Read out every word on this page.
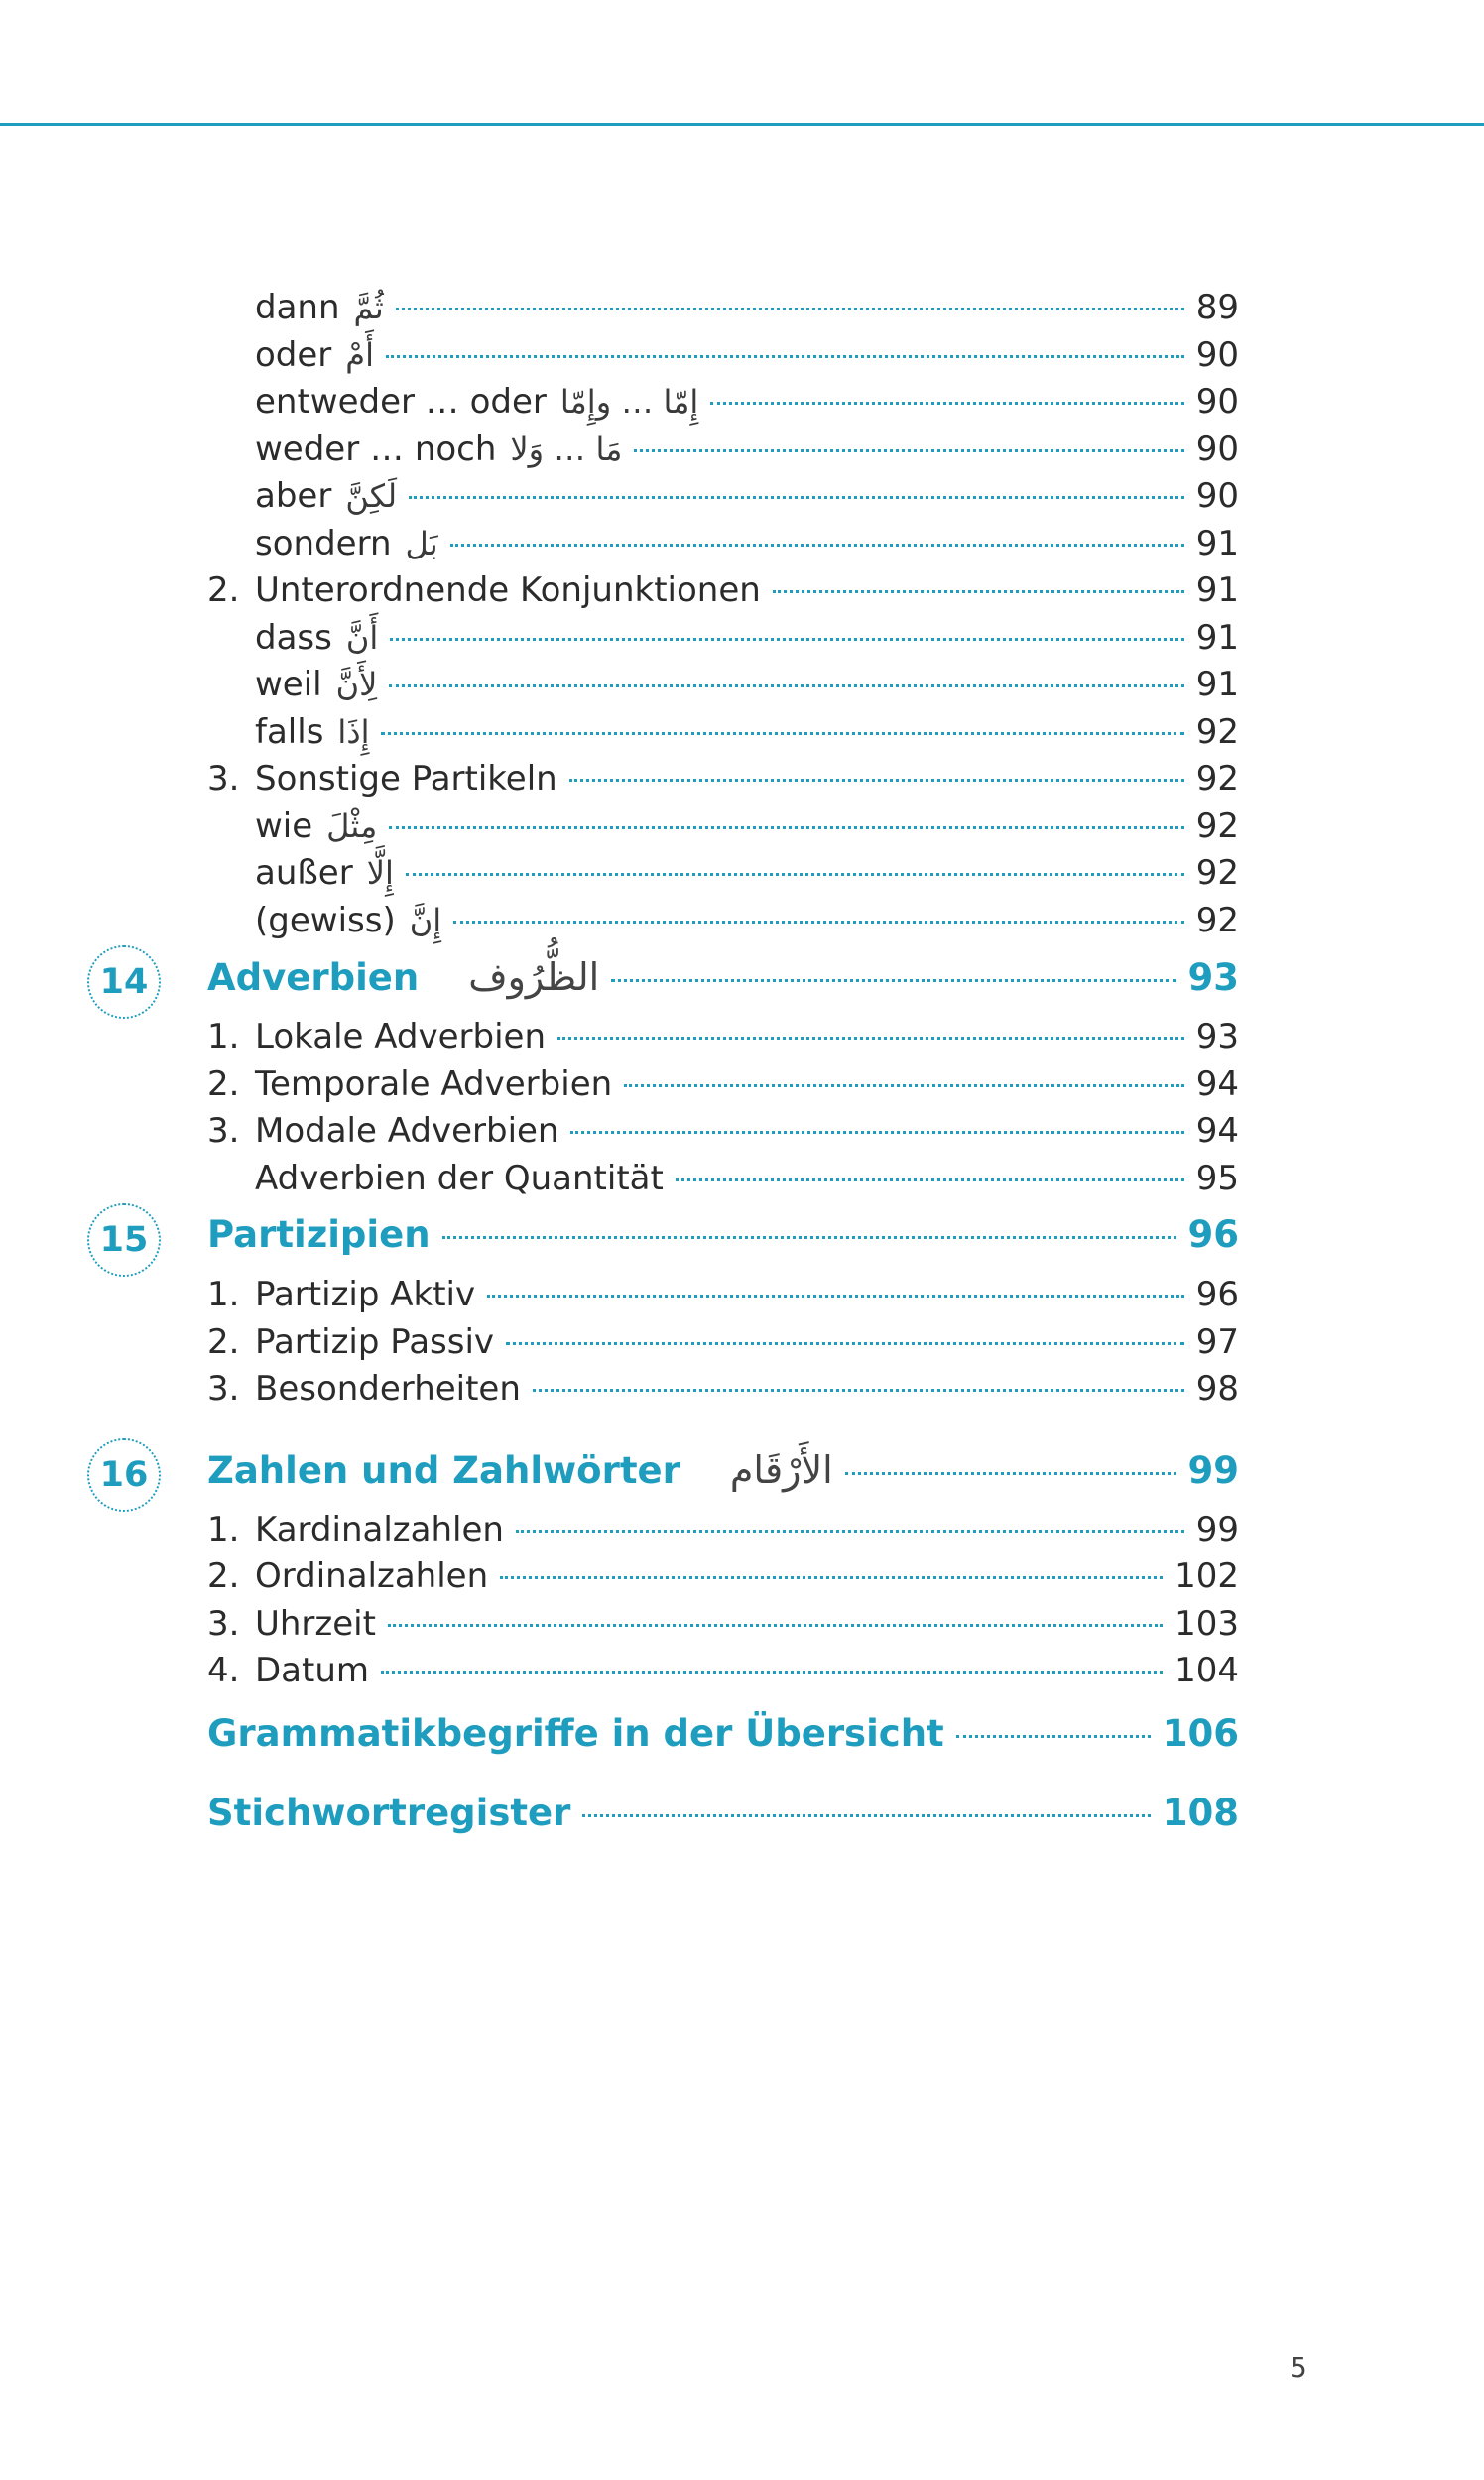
dann ثُمَّ	89
oder أَمْ	90
entweder … oder إِمّا … وإِمّا	90
weder … noch مَا … وَلا	90
aber لَكِنَّ	90
sondern بَل	91
2. Unterordnende Konjunktionen	91
dass أَنَّ	91
weil لِأَنَّ	91
falls إِذَا	92
3. Sonstige Partikeln	92
wie مِثْلَ	92
außer إِلَّا	92
(gewiss) إِنَّ	92
14	Adverbien الظُّرُوف	93
1. Lokale Adverbien	93
2. Temporale Adverbien	94
3. Modale Adverbien	94
Adverbien der Quantität	95
15	Partizipien	96
1. Partizip Aktiv	96
2. Partizip Passiv	97
3. Besonderheiten	98
16	Zahlen und Zahlwörter الأَرْقَام	99
1. Kardinalzahlen	99
2. Ordinalzahlen	102
3. Uhrzeit	103
4. Datum	104
Grammatikbegriffe in der Übersicht	106
Stichwortregister	108
5
